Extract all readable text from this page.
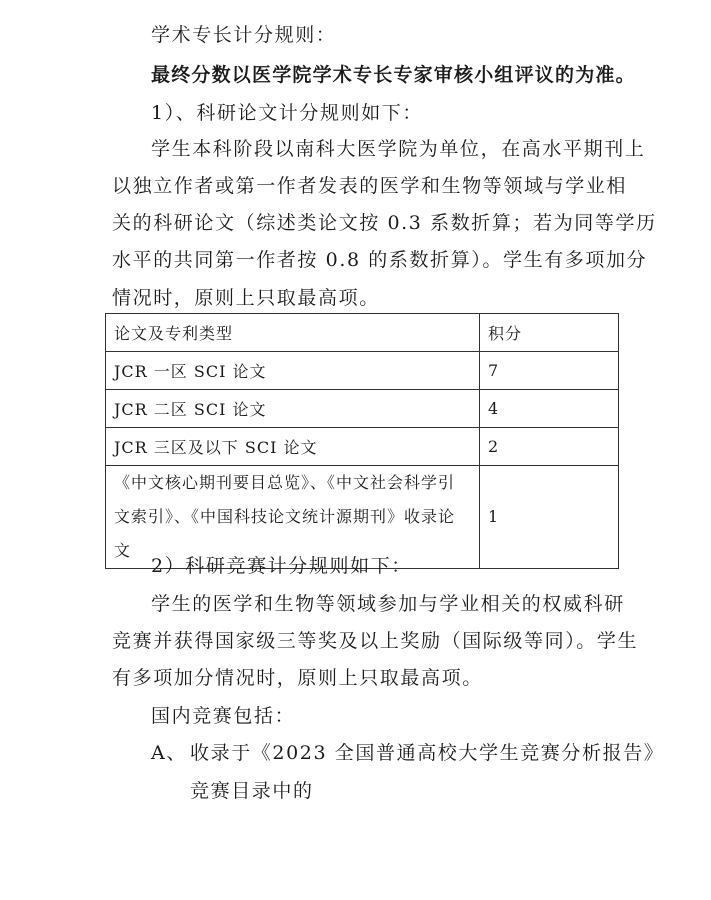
学术专长计分规则：
最终分数以医学院学术专长专家审核小组评议的为准。
1）、科研论文计分规则如下：
学生本科阶段以南科大医学院为单位，在高水平期刊上
以独立作者或第一作者发表的医学和生物等领域与学业相
关的科研论文（综述类论文按 0.3 系数折算；若为同等学历
水平的共同第一作者按 0.8 的系数折算）。学生有多项加分
情况时，原则上只取最高项。
论文及专利类型	积分
JCR 一区 SCI 论文	7
JCR 二区 SCI 论文	4
JCR 三区及以下 SCI 论文	2
《中文核心期刊要目总览》、《中文社会科学引文索引》、《中国科技论文统计源期刊》收录论文	1
2）科研竞赛计分规则如下：
学生的医学和生物等领域参加与学业相关的权威科研
竞赛并获得国家级三等奖及以上奖励（国际级等同）。学生
有多项加分情况时，原则上只取最高项。
国内竞赛包括：
A、 收录于《2023 全国普通高校大学生竞赛分析报告》
竞赛目录中的
